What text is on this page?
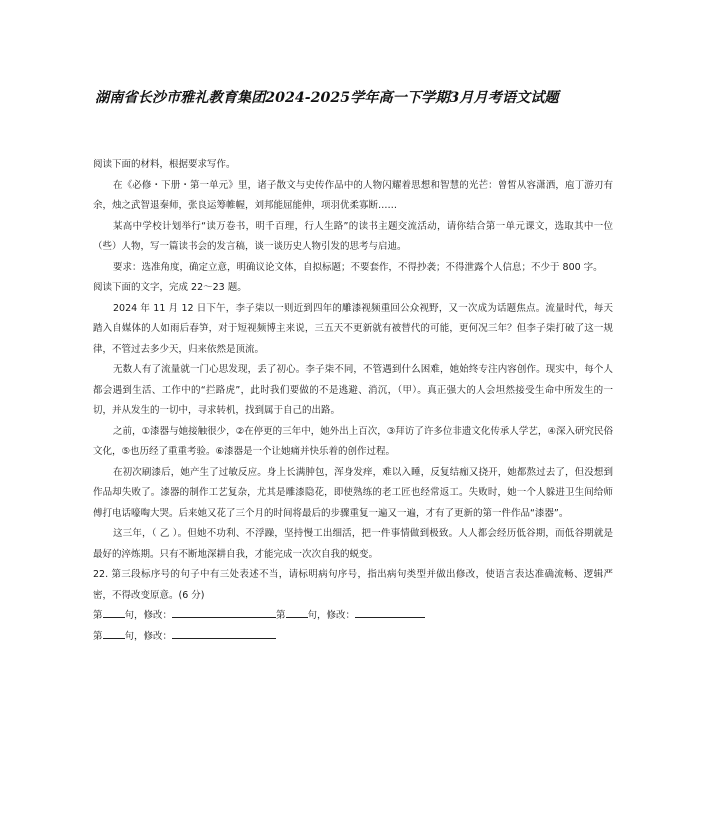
湖南省长沙市雅礼教育集团2024-2025学年高一下学期3月月考语文试题

阅读下面的材料，根据要求写作。

在《必修・下册・第一单元》里，诸子散文与史传作品中的人物闪耀着思想和智慧的光芒：曾皙从容潇洒，庖丁游刃有余，烛之武智退秦师，张良运筹帷幄，刘邦能屈能伸，项羽优柔寡断……

某高中学校计划举行“读万卷书，明千百理，行人生路”的读书主题交流活动，请你结合第一单元课文，选取其中一位（些）人物，写一篇读书会的发言稿，谈一谈历史人物引发的思考与启迪。

要求：选准角度，确定立意，明确议论文体，自拟标题；不要套作，不得抄袭；不得泄露个人信息；不少于 800 字。

阅读下面的文字，完成 22～23 题。

2024 年 11 月 12 日下午，李子柒以一则近到四年的雕漆视频重回公众视野，又一次成为话题焦点。流量时代，每天踏入自媒体的人如雨后春笋，对于短视频博主来说，三五天不更新就有被替代的可能，更何况三年？但李子柒打破了这一规律，不管过去多少天，归来依然是顶流。

无数人有了流量就一门心思发现，丢了初心。李子柒不同，不管遇到什么困难，她始终专注内容创作。现实中，每个人都会遇到生活、工作中的“拦路虎”，此时我们要做的不是逃避、消沉，（甲）。真正强大的人会坦然接受生命中所发生的一切，并从发生的一切中，寻求转机，找到属于自己的出路。

之前，①漆器与她接触很少，②在停更的三年中，她外出上百次，③拜访了许多位非遗文化传承人学艺，④深入研究民俗文化，⑤也历经了重重考验。⑥漆器是一个让她痛并快乐着的创作过程。

在初次刷漆后，她产生了过敏反应。身上长满肿包，浑身发痒，难以入睡，反复结痂又挠开，她都熬过去了，但没想到作品却失败了。漆器的制作工艺复杂，尤其是雕漆隐花，即使熟练的老工匠也经常返工。失败时，她一个人躲进卫生间给师傅打电话嚎啕大哭。后来她又花了三个月的时间将最后的步骤重复一遍又一遍，才有了更新的第一件作品“漆器”。

这三年，（ 乙 ）。但她不功利、不浮躁，坚持慢工出细活，把一件事情做到极致。人人都会经历低谷期，而低谷期就是最好的淬炼期。只有不断地深耕自我，才能完成一次次自我的蜕变。

22. 第三段标序号的句子中有三处表述不当，请标明病句序号，指出病句类型并做出修改，使语言表达准确流畅、逻辑严密，不得改变原意。(6 分)

第 句，修改：	第 句，修改：

第 句，修改：
